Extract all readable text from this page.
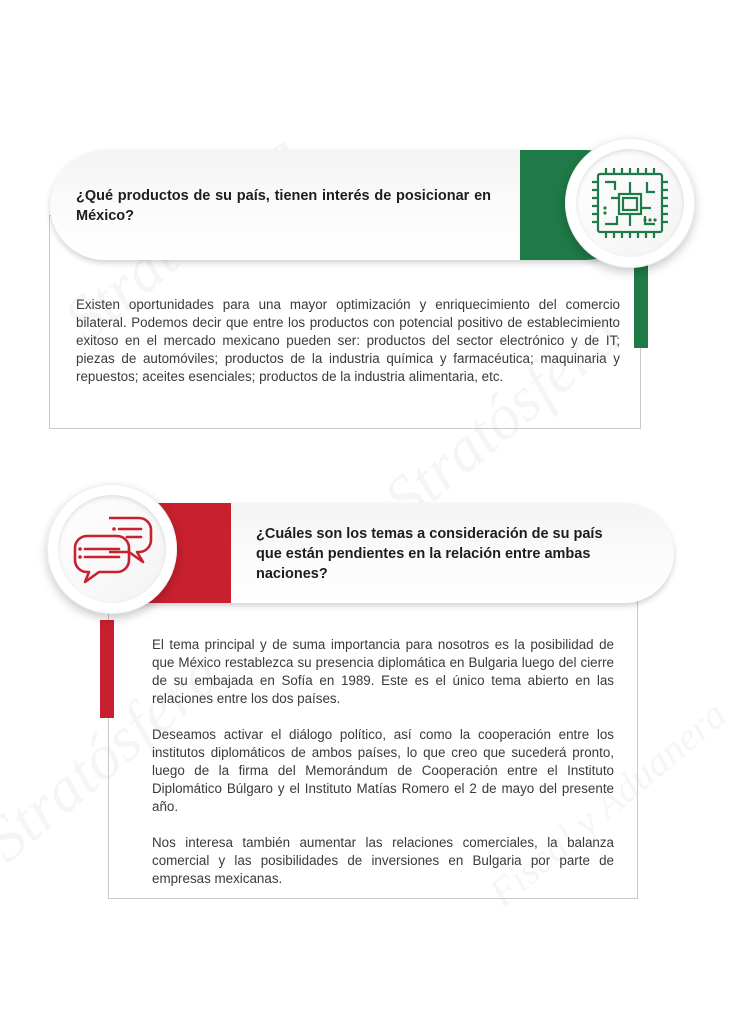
¿Qué productos de su país, tienen interés de posicionar en México?

Existen oportunidades para una mayor optimización y enriquecimiento del comercio bilateral. Podemos decir que entre los productos con potencial positivo de establecimiento exitoso en el mercado mexicano pueden ser: productos del sector electrónico y de IT; piezas de automóviles; productos de la industria química y farmacéutica; maquinaria y repuestos; aceites esenciales; productos de la industria alimentaria, etc.

¿Cuáles son los temas a consideración de su país que están pendientes en la relación entre ambas naciones?

El tema principal y de suma importancia para nosotros es la posibilidad de que México restablezca su presencia diplomática en Bulgaria luego del cierre de su embajada en Sofía en 1989. Este es el único tema abierto en las relaciones entre los dos países.

Deseamos activar el diálogo político, así como la cooperación entre los institutos diplomáticos de ambos países, lo que creo que sucederá pronto, luego de la firma del Memorándum de Cooperación entre el Instituto Diplomático Búlgaro y el Instituto Matías Romero el 2 de mayo del presente año.

Nos interesa también aumentar las relaciones comerciales, la balanza comercial y las posibilidades de inversiones en Bulgaria por parte de empresas mexicanas.
